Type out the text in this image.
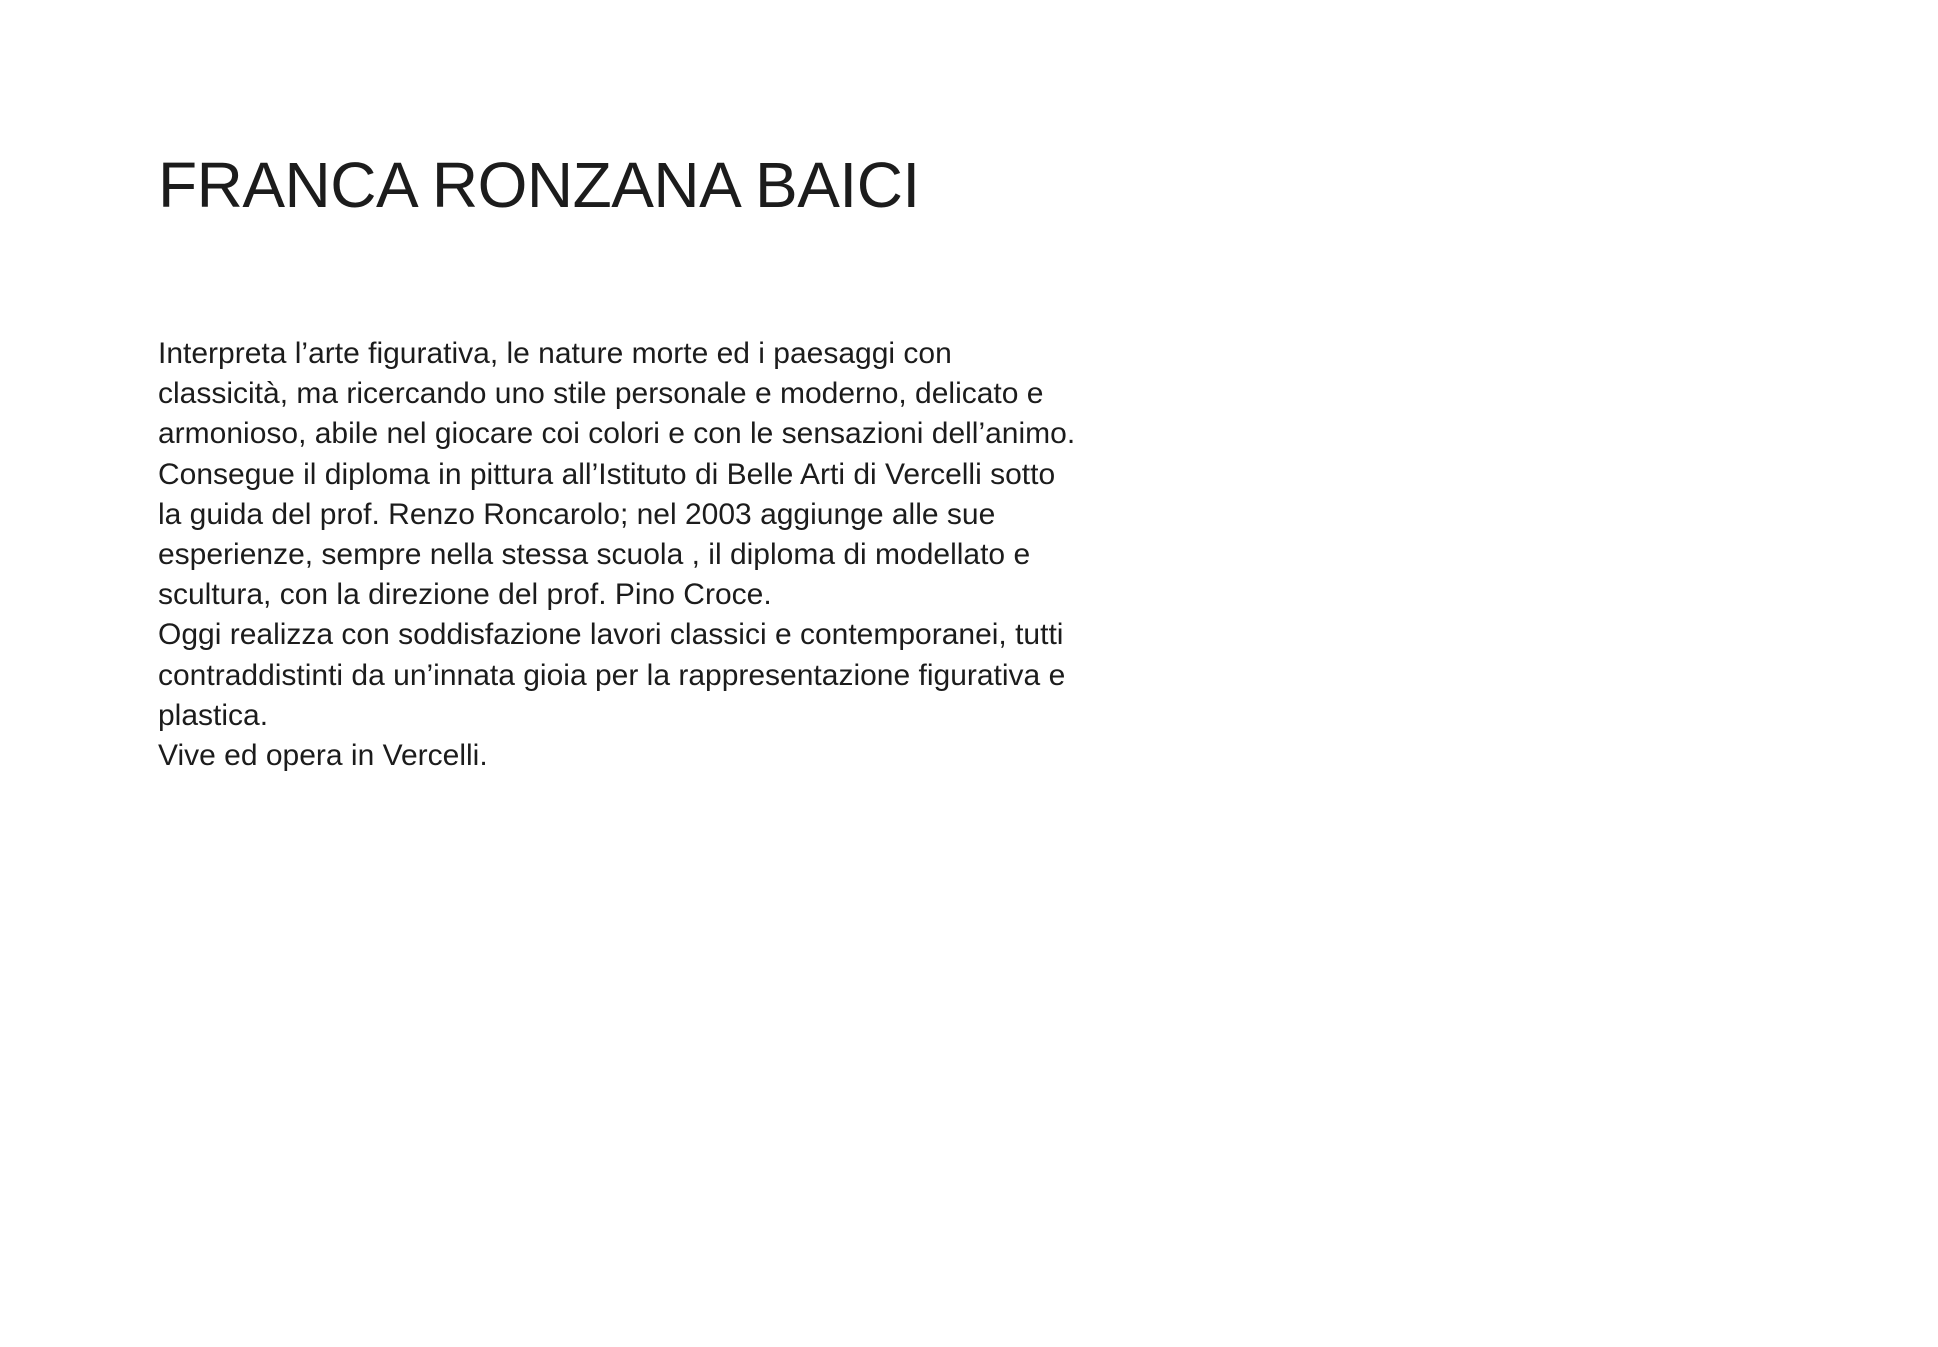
FRANCA RONZANA BAICI
Interpreta l’arte figurativa, le nature morte ed i paesaggi con
classicità, ma ricercando uno stile personale e moderno, delicato e
armonioso, abile nel giocare coi colori e con le sensazioni dell’animo.
Consegue il diploma in pittura all’Istituto di Belle Arti di Vercelli sotto
la guida del prof. Renzo Roncarolo; nel 2003 aggiunge alle sue
esperienze, sempre nella stessa scuola , il diploma di modellato e
scultura, con la direzione del prof. Pino Croce.
Oggi realizza con soddisfazione lavori classici e contemporanei, tutti
contraddistinti da un’innata gioia per la rappresentazione figurativa e
plastica.
Vive ed opera in Vercelli.
